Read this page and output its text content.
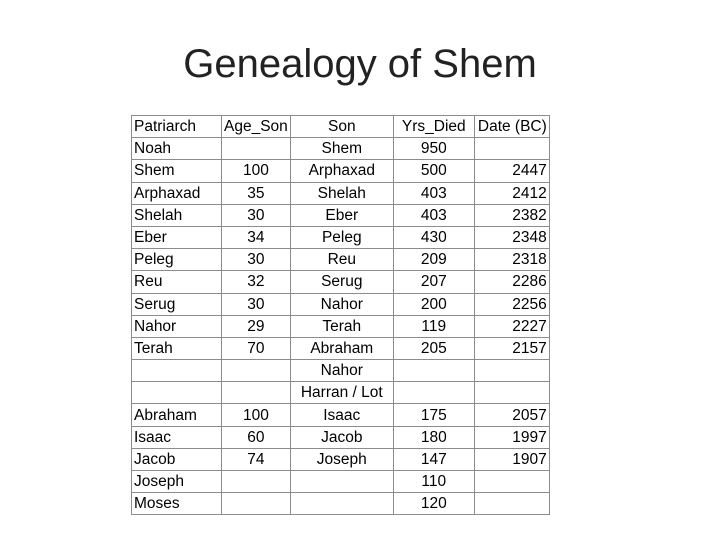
Genealogy of Shem
Patriarch	Age_Son	Son	Yrs_Died	Date (BC)
Noah		Shem	950	
Shem	100	Arphaxad	500	2447
Arphaxad	35	Shelah	403	2412
Shelah	30	Eber	403	2382
Eber	34	Peleg	430	2348
Peleg	30	Reu	209	2318
Reu	32	Serug	207	2286
Serug	30	Nahor	200	2256
Nahor	29	Terah	119	2227
Terah	70	Abraham	205	2157
		Nahor		
		Harran / Lot		
Abraham	100	Isaac	175	2057
Isaac	60	Jacob	180	1997
Jacob	74	Joseph	147	1907
Joseph			110	
Moses			120	
